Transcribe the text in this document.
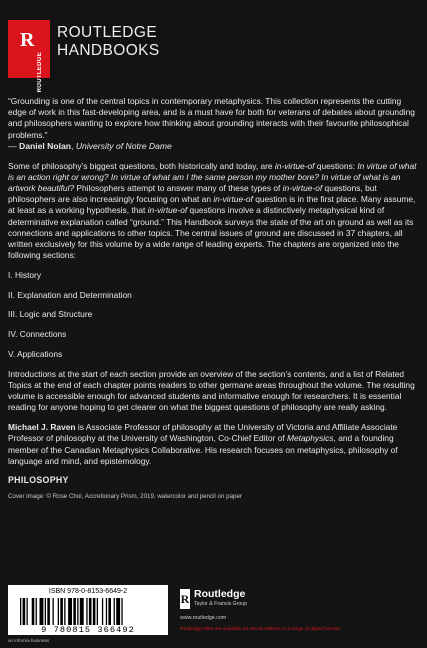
R
ROUTLEDGE
ROUTLEDGE
HANDBOOKS

“Grounding is one of the central topics in contemporary metaphysics. This collection represents the cutting edge of work in this fast-developing area, and is a must have for both for veterans of debates about grounding and philosophers wanting to explore how thinking about grounding interacts with their favourite philosophical problems.”
— Daniel Nolan, University of Notre Dame

Some of philosophy’s biggest questions, both historically and today, are in-virtue-of questions: In virtue of what is an action right or wrong? In virtue of what am I the same person my mother bore? In virtue of what is an artwork beautiful? Philosophers attempt to answer many of these types of in-virtue-of questions, but philosophers are also increasingly focusing on what an in-virtue-of question is in the first place. Many assume, at least as a working hypothesis, that in-virtue-of questions involve a distinctively metaphysical kind of determinative explanation called “ground.” This Handbook surveys the state of the art on ground as well as its connections and applications to other topics. The central issues of ground are discussed in 37 chapters, all written exclusively for this volume by a wide range of leading experts. The chapters are organized into the following sections:

I. History
II. Explanation and Determination
III. Logic and Structure
IV. Connections
V. Applications

Introductions at the start of each section provide an overview of the section’s contents, and a list of Related Topics at the end of each chapter points readers to other germane areas throughout the volume. The resulting volume is accessible enough for advanced students and informative enough for researchers. It is essential reading for anyone hoping to get clearer on what the biggest questions of philosophy are really asking.

Michael J. Raven is Associate Professor of philosophy at the University of Victoria and Affiliate Associate Professor of philosophy at the University of Washington, Co-Chief Editor of Metaphysics, and a founding member of the Canadian Metaphysics Collaborative. His research focuses on metaphysics, philosophy of language and mind, and epistemology.

PHILOSOPHY
Cover image: © Rose Choi, Accretionary Prism, 2019, watercolor and pencil on paper
ISBN 978-0-8153-6649-2
9 780815 366492
R Routledge
Taylor & Francis Group
www.routledge.com
Routledge titles are available as eBook editions in a range of digital formats
an informa business
